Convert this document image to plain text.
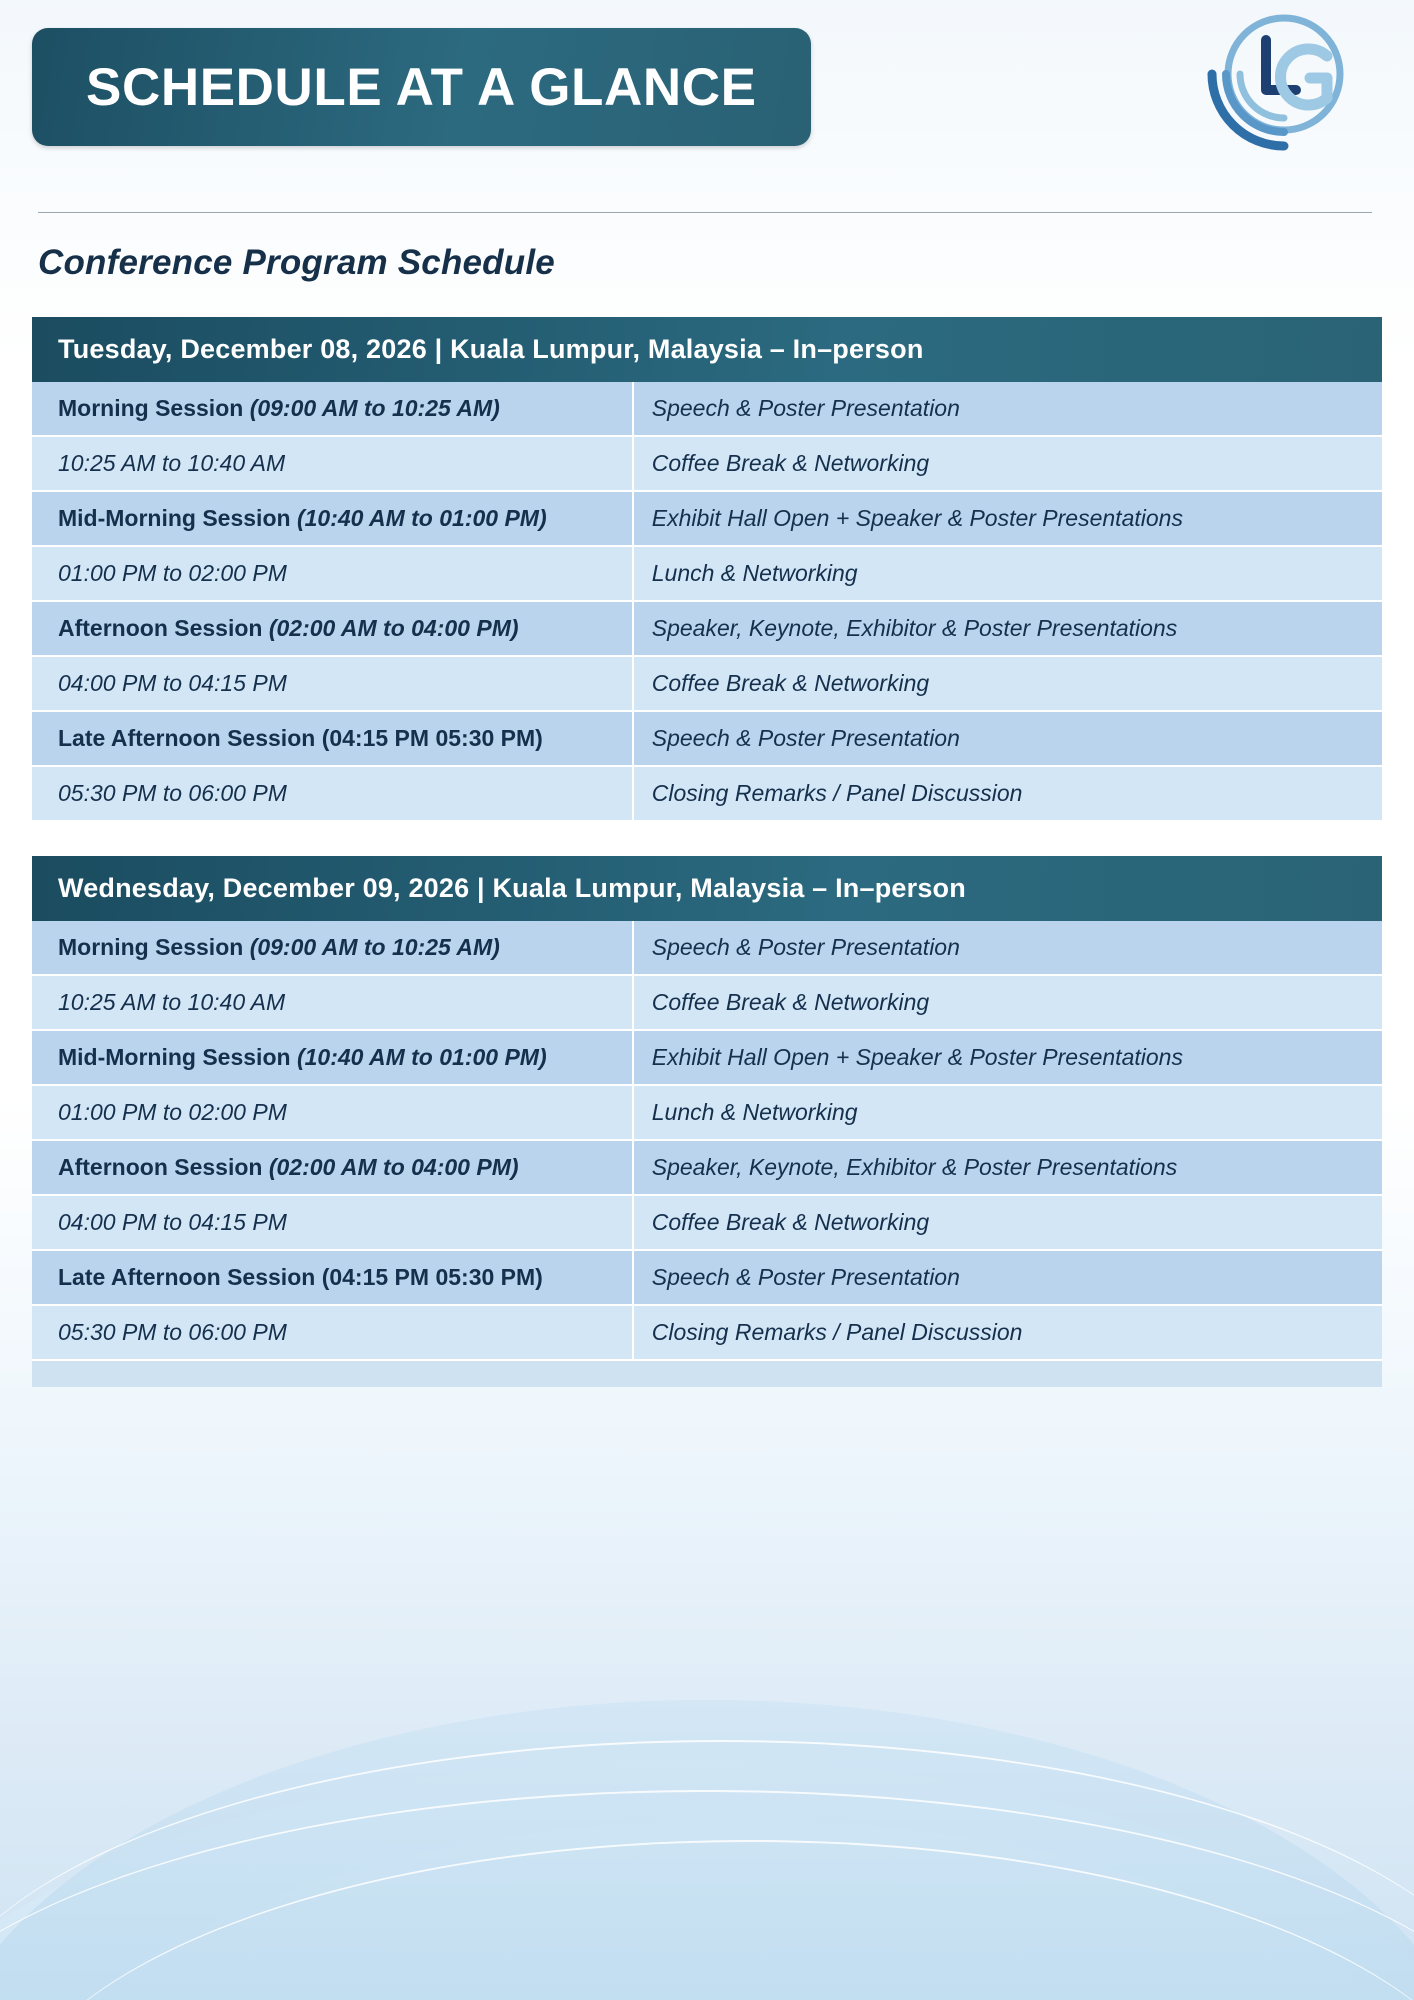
SCHEDULE AT A GLANCE
Conference Program Schedule
Tuesday, December 08, 2026 | Kuala Lumpur, Malaysia – In–person
Morning Session (09:00 AM to 10:25 AM)	Speech & Poster Presentation
10:25 AM to 10:40 AM	Coffee Break & Networking
Mid-Morning Session (10:40 AM to 01:00 PM)	Exhibit Hall Open + Speaker & Poster Presentations
01:00 PM to 02:00 PM	Lunch & Networking
Afternoon Session (02:00 AM to 04:00 PM)	Speaker, Keynote, Exhibitor & Poster Presentations
04:00 PM to 04:15 PM	Coffee Break & Networking
Late Afternoon Session (04:15 PM 05:30 PM)	Speech & Poster Presentation
05:30 PM to 06:00 PM	Closing Remarks / Panel Discussion
Wednesday, December 09, 2026 | Kuala Lumpur, Malaysia – In–person
Morning Session (09:00 AM to 10:25 AM)	Speech & Poster Presentation
10:25 AM to 10:40 AM	Coffee Break & Networking
Mid-Morning Session (10:40 AM to 01:00 PM)	Exhibit Hall Open + Speaker & Poster Presentations
01:00 PM to 02:00 PM	Lunch & Networking
Afternoon Session (02:00 AM to 04:00 PM)	Speaker, Keynote, Exhibitor & Poster Presentations
04:00 PM to 04:15 PM	Coffee Break & Networking
Late Afternoon Session (04:15 PM 05:30 PM)	Speech & Poster Presentation
05:30 PM to 06:00 PM	Closing Remarks / Panel Discussion
